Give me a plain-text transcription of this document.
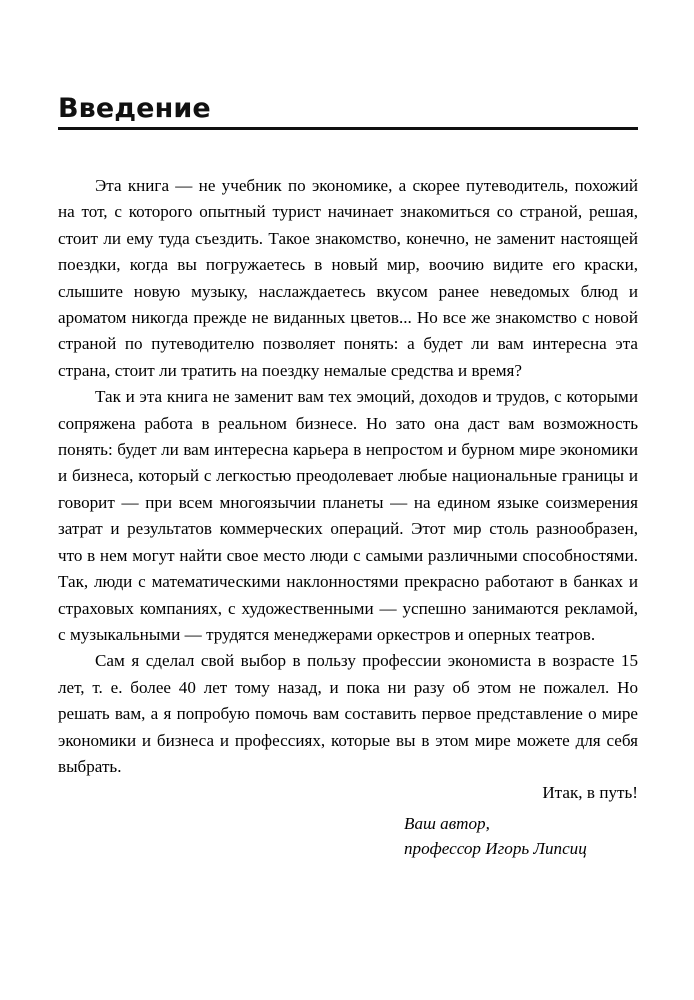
Введение

Эта книга — не учебник по экономике, а скорее путеводитель, похожий на тот, с которого опытный турист начинает знакомиться со страной, решая, стоит ли ему туда съездить. Такое знакомство, конечно, не заменит настоящей поездки, когда вы погружаетесь в новый мир, воочию видите его краски, слышите новую музыку, наслаждаетесь вкусом ранее неведомых блюд и ароматом никогда прежде не виданных цветов... Но все же знакомство с новой страной по путеводителю позволяет понять: а будет ли вам интересна эта страна, стоит ли тратить на поездку немалые средства и время?

Так и эта книга не заменит вам тех эмоций, доходов и трудов, с которыми сопряжена работа в реальном бизнесе. Но зато она даст вам возможность понять: будет ли вам интересна карьера в непростом и бурном мире экономики и бизнеса, который с легкостью преодолевает любые национальные границы и говорит — при всем многоязычии планеты — на едином языке соизмерения затрат и результатов коммерческих операций. Этот мир столь разнообразен, что в нем могут найти свое место люди с самыми различными способностями. Так, люди с математическими наклонностями прекрасно работают в банках и страховых компаниях, с художественными — успешно занимаются рекламой, с музыкальными — трудятся менеджерами оркестров и оперных театров.

Сам я сделал свой выбор в пользу профессии экономиста в возрасте 15 лет, т. е. более 40 лет тому назад, и пока ни разу об этом не пожалел. Но решать вам, а я попробую помочь вам составить первое представление о мире экономики и бизнеса и профессиях, которые вы в этом мире можете для себя выбрать.
Итак, в путь!

Ваш автор,
профессор Игорь Липсиц
